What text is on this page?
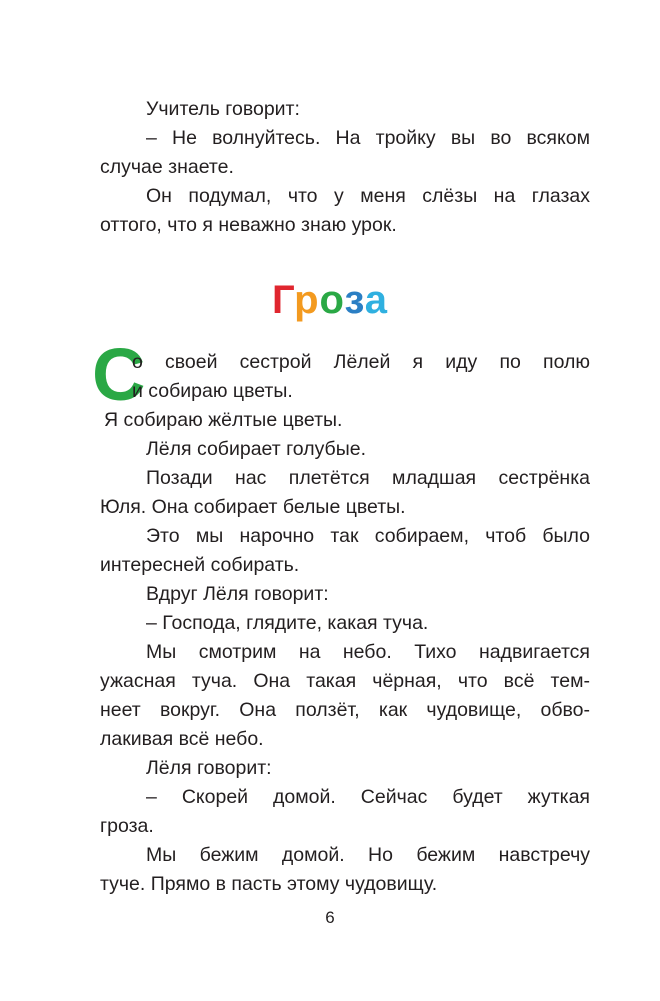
Учитель говорит:
– Не волнуйтесь. На тройку вы во всяком
случае знаете.
Он подумал, что у меня слёзы на глазах
оттого, что я неважно знаю урок.
Гроза
С
о своей сестрой Лёлей я иду по полю
и собираю цветы.
Я собираю жёлтые цветы.
Лёля собирает голубые.
Позади нас плетётся младшая сестрёнка
Юля. Она собирает белые цветы.
Это мы нарочно так собираем, чтоб было
интересней собирать.
Вдруг Лёля говорит:
– Господа, глядите, какая туча.
Мы смотрим на небо. Тихо надвигается
ужасная туча. Она такая чёрная, что всё тем-
неет вокруг. Она ползёт, как чудовище, обво-
лакивая всё небо.
Лёля говорит:
– Скорей домой. Сейчас будет жуткая
гроза.
Мы бежим домой. Но бежим навстречу
туче. Прямо в пасть этому чудовищу.
6
